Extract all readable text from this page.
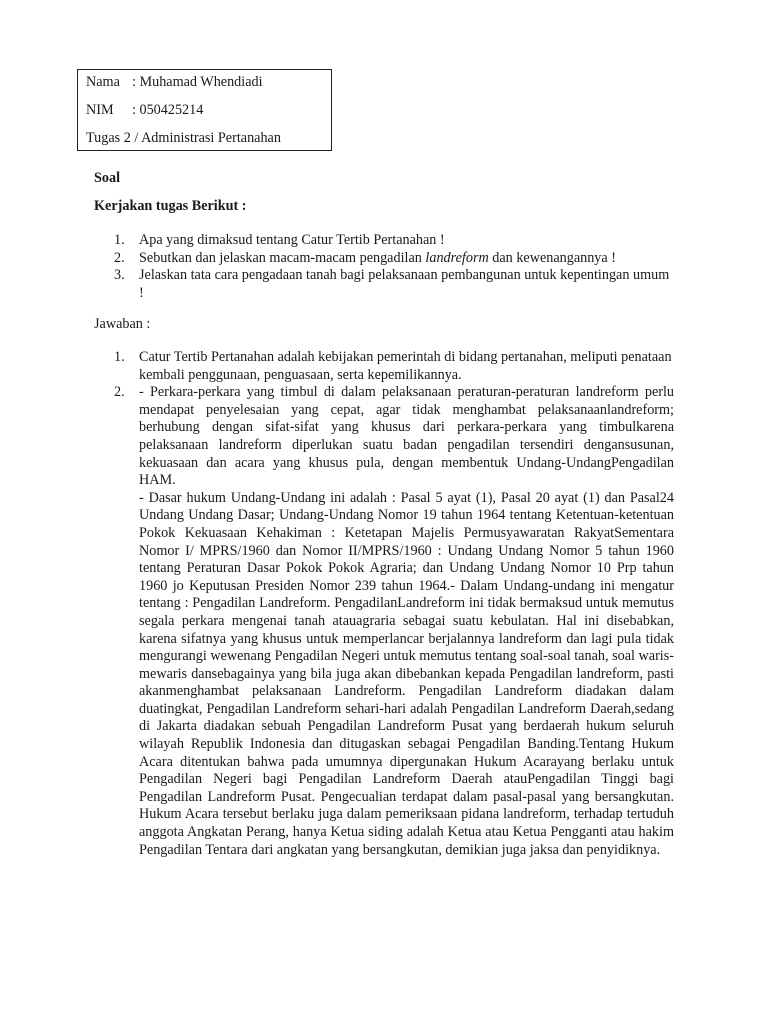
Nama : Muhamad Whendiadi
NIM : 050425214
Tugas 2 / Administrasi Pertanahan
Soal
Kerjakan tugas Berikut :
1. Apa yang dimaksud tentang Catur Tertib Pertanahan !
2. Sebutkan dan jelaskan macam-macam pengadilan landreform dan kewenangannya !
3. Jelaskan tata cara pengadaan tanah bagi pelaksanaan pembangunan untuk kepentingan umum !
Jawaban :
1. Catur Tertib Pertanahan adalah kebijakan pemerintah di bidang pertanahan, meliputi penataan kembali penggunaan, penguasaan, serta kepemilikannya.
2. - Perkara-perkara yang timbul di dalam pelaksanaan peraturan-peraturan landreform perlu mendapat penyelesaian yang cepat, agar tidak menghambat pelaksanaanlandreform; berhubung dengan sifat-sifat yang khusus dari perkara-perkara yang timbulkarena pelaksanaan landreform diperlukan suatu badan pengadilan tersendiri dengansusunan, kekuasaan dan acara yang khusus pula, dengan membentuk Undang-UndangPengadilan HAM.
- Dasar hukum Undang-Undang ini adalah : Pasal 5 ayat (1), Pasal 20 ayat (1) dan Pasal24 Undang Undang Dasar; Undang-Undang Nomor 19 tahun 1964 tentang Ketentuan-ketentuan Pokok Kekuasaan Kehakiman : Ketetapan Majelis Permusyawaratan RakyatSementara Nomor I/ MPRS/1960 dan Nomor II/MPRS/1960 : Undang Undang Nomor 5 tahun 1960 tentang Peraturan Dasar Pokok Pokok Agraria; dan Undang Undang Nomor 10 Prp tahun 1960 jo Keputusan Presiden Nomor 239 tahun 1964.- Dalam Undang-undang ini mengatur tentang : Pengadilan Landreform. PengadilanLandreform ini tidak bermaksud untuk memutus segala perkara mengenai tanah atauagraria sebagai suatu kebulatan. Hal ini disebabkan, karena sifatnya yang khusus untuk memperlancar berjalannya landreform dan lagi pula tidak mengurangi wewenang Pengadilan Negeri untuk memutus tentang soal-soal tanah, soal waris-mewaris dansebagainya yang bila juga akan dibebankan kepada Pengadilan landreform, pasti akanmenghambat pelaksanaan Landreform. Pengadilan Landreform diadakan dalam duatingkat, Pengadilan Landreform sehari-hari adalah Pengadilan Landreform Daerah,sedang di Jakarta diadakan sebuah Pengadilan Landreform Pusat yang berdaerah hukum seluruh wilayah Republik Indonesia dan ditugaskan sebagai Pengadilan Banding.Tentang Hukum Acara ditentukan bahwa pada umumnya dipergunakan Hukum Acarayang berlaku untuk Pengadilan Negeri bagi Pengadilan Landreform Daerah atauPengadilan Tinggi bagi Pengadilan Landreform Pusat. Pengecualian terdapat dalam pasal-pasal yang bersangkutan. Hukum Acara tersebut berlaku juga dalam pemeriksaan pidana landreform, terhadap tertuduh anggota Angkatan Perang, hanya Ketua siding adalah Ketua atau Ketua Pengganti atau hakim Pengadilan Tentara dari angkatan yang bersangkutan, demikian juga jaksa dan penyidiknya.
